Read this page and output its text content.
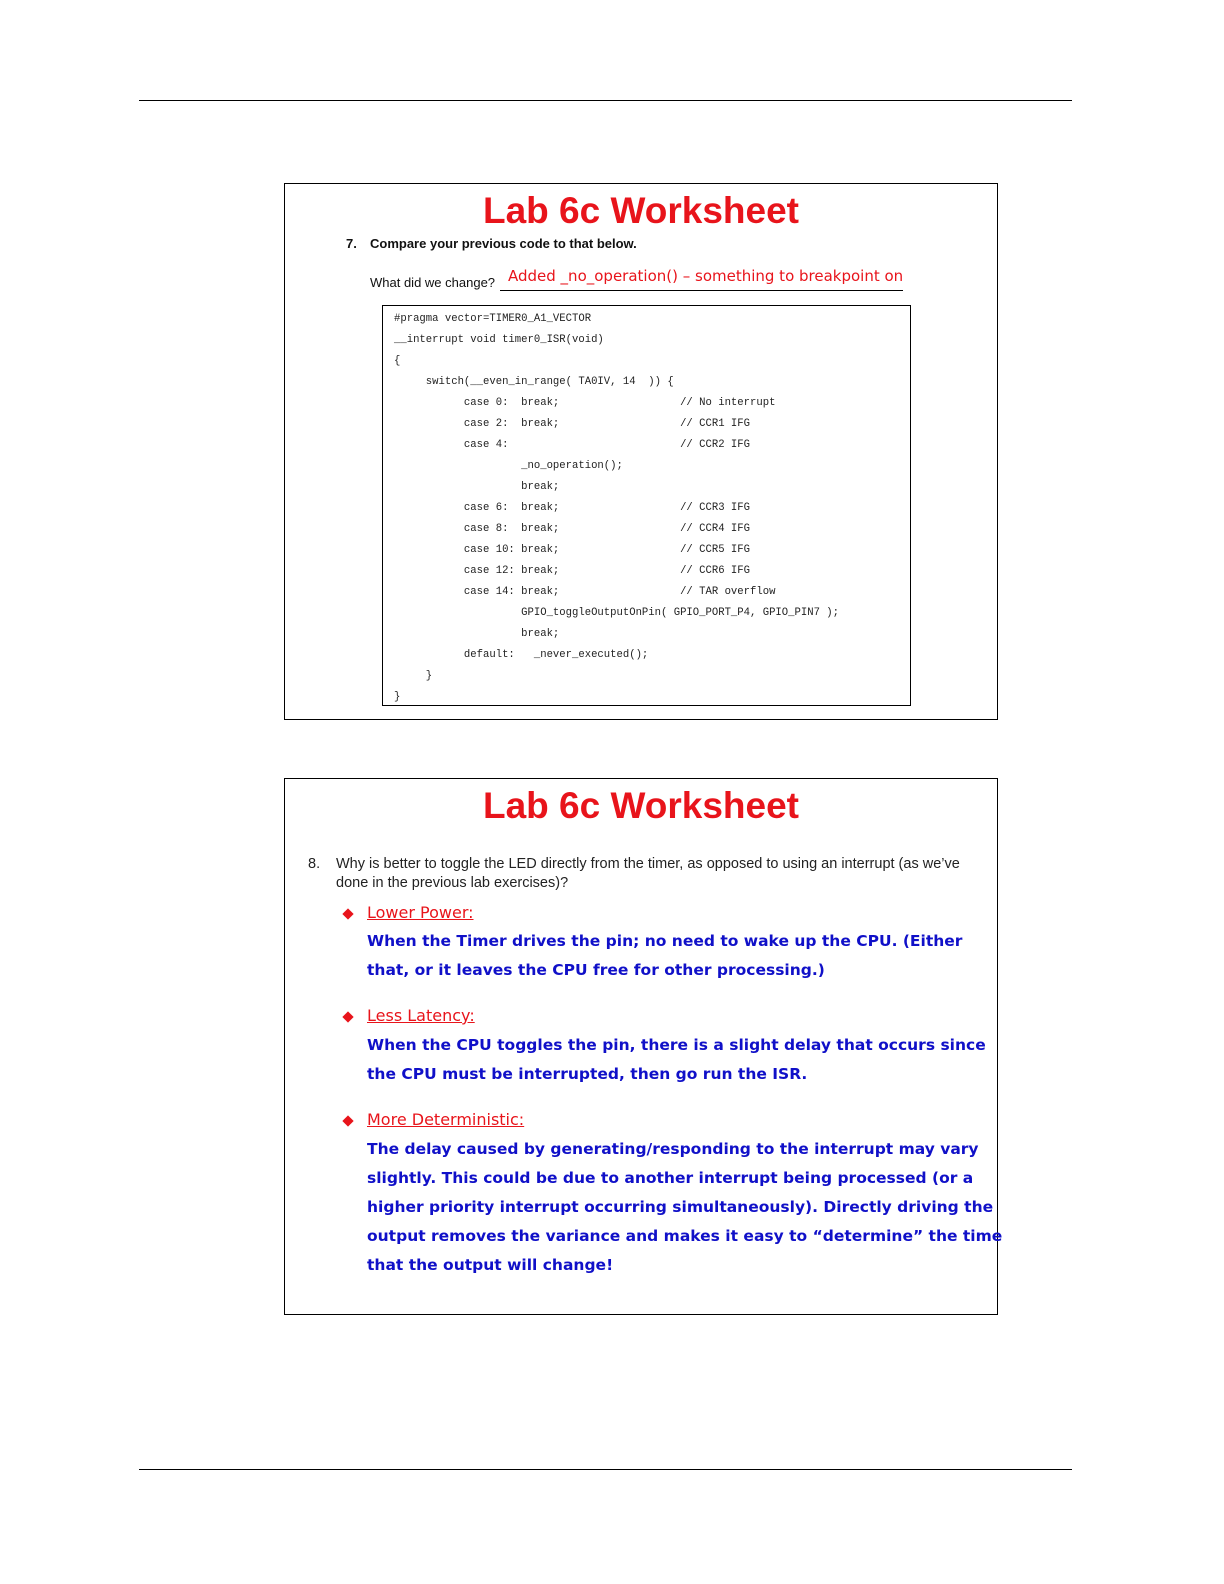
Lab 6c Worksheet
7. Compare your previous code to that below.
What did we change? Added _no_operation() – something to breakpoint on
#pragma vector=TIMER0_A1_VECTOR
__interrupt void timer0_ISR(void)
{
switch(__even_in_range( TA0IV, 14  )) {
case 0:  break;                   // No interrupt
case 2:  break;                   // CCR1 IFG
case 4:                           // CCR2 IFG
_no_operation();
break;
case 6:  break;                   // CCR3 IFG
case 8:  break;                   // CCR4 IFG
case 10: break;                   // CCR5 IFG
case 12: break;                   // CCR6 IFG
case 14: break;                   // TAR overflow
GPIO_toggleOutputOnPin( GPIO_PORT_P4, GPIO_PIN7 );
break;
default:   _never_executed();
}
}
Lab 6c Worksheet
8. Why is better to toggle the LED directly from the timer, as opposed to using an interrupt (as we’ve done in the previous lab exercises)?
Lower Power:
When the Timer drives the pin; no need to wake up the CPU. (Either
that, or it leaves the CPU free for other processing.)
Less Latency:
When the CPU toggles the pin, there is a slight delay that occurs since
the CPU must be interrupted, then go run the ISR.
More Deterministic:
The delay caused by generating/responding to the interrupt may vary
slightly. This could be due to another interrupt being processed (or a
higher priority interrupt occurring simultaneously). Directly driving the
output removes the variance and makes it easy to “determine” the time
that the output will change!
